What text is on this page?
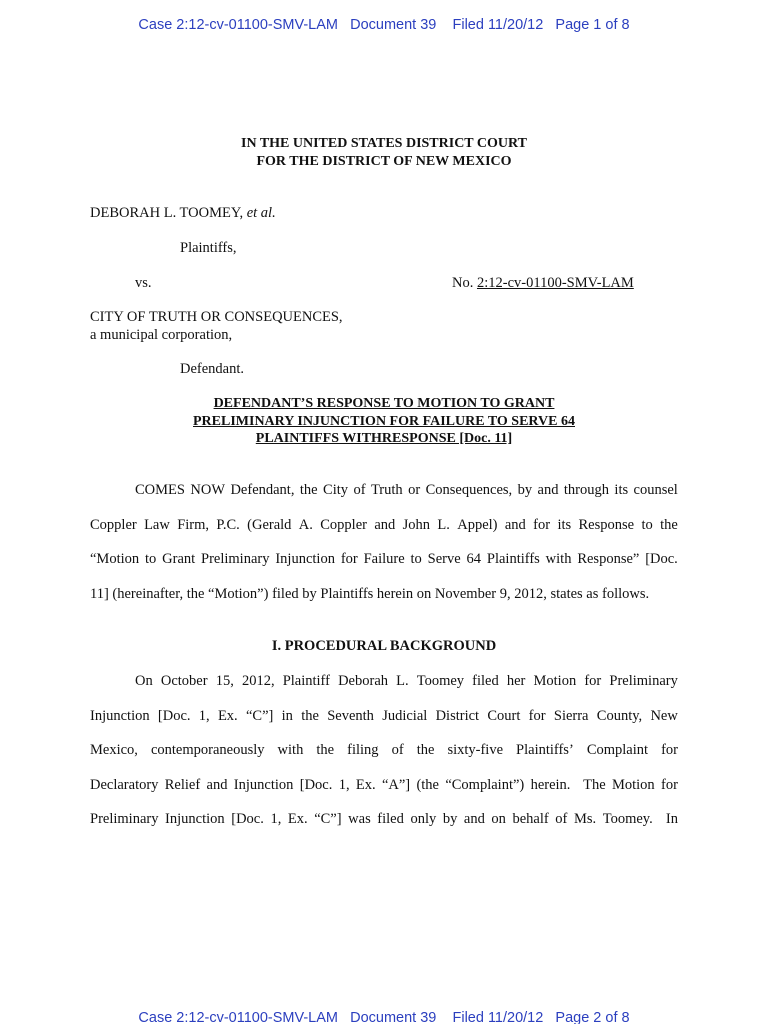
Case 2:12-cv-01100-SMV-LAM Document 39 Filed 11/20/12 Page 1 of 8
IN THE UNITED STATES DISTRICT COURT
FOR THE DISTRICT OF NEW MEXICO
DEBORAH L. TOOMEY, et al.
Plaintiffs,
vs.	No. 2:12-cv-01100-SMV-LAM
CITY OF TRUTH OR CONSEQUENCES,
a municipal corporation,
Defendant.
DEFENDANT’S RESPONSE TO MOTION TO GRANT
PRELIMINARY INJUNCTION FOR FAILURE TO SERVE 64
PLAINTIFFS WITHRESPONSE [Doc. 11]
COMES NOW Defendant, the City of Truth or Consequences, by and through its counsel
Coppler Law Firm, P.C. (Gerald A. Coppler and John L. Appel) and for its Response to the
“Motion to Grant Preliminary Injunction for Failure to Serve 64 Plaintiffs with Response” [Doc.
11] (hereinafter, the “Motion”) filed by Plaintiffs herein on November 9, 2012, states as follows.
I. PROCEDURAL BACKGROUND
On October 15, 2012, Plaintiff Deborah L. Toomey filed her Motion for Preliminary
Injunction [Doc. 1, Ex. “C”] in the Seventh Judicial District Court for Sierra County, New
Mexico, contemporaneously with the filing of the sixty-five Plaintiffs’ Complaint for
Declaratory Relief and Injunction [Doc. 1, Ex. “A”] (the “Complaint”) herein. The Motion for
Preliminary Injunction [Doc. 1, Ex. “C”] was filed only by and on behalf of Ms. Toomey. In
Case 2:12-cv-01100-SMV-LAM Document 39 Filed 11/20/12 Page 2 of 8
